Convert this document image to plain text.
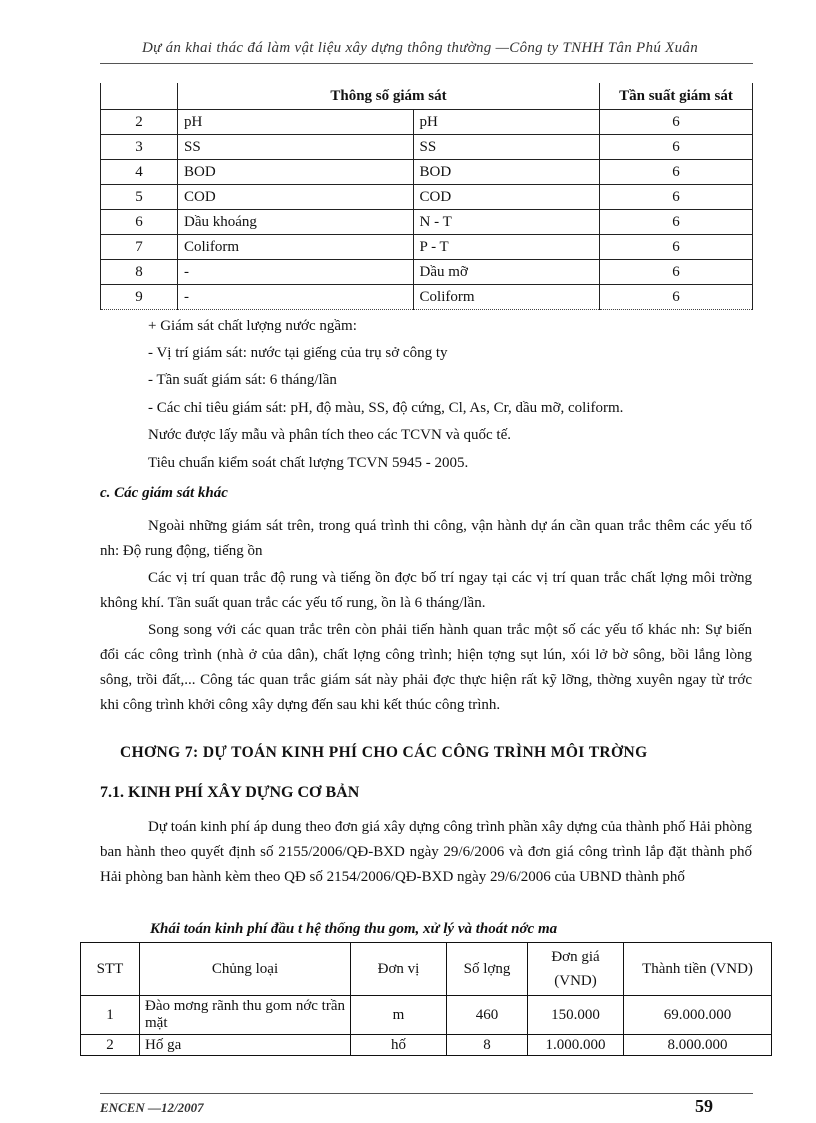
Dự án khai thác đá làm vật liệu xây dựng thông thường —Công ty TNHH Tân Phú Xuân
	Thông số giám sát		Tần suất giám sát
2	pH	pH	6
3	SS	SS	6
4	BOD	BOD	6
5	COD	COD	6
6	Dầu khoáng	N - T	6
7	Coliform	P - T	6
8	-	Dầu mỡ	6
9	-	Coliform	6
+ Giám sát chất lượng nước ngầm:
- Vị trí giám sát: nước tại giếng của trụ sở công ty
- Tần suất giám sát: 6 tháng/lần
- Các chỉ tiêu giám sát: pH, độ màu, SS, độ cứng, Cl, As, Cr, dầu mỡ, coliform.
Nước được lấy mẫu và phân tích theo các TCVN và quốc tế.
Tiêu chuẩn kiểm soát chất lượng TCVN 5945 - 2005.
c. Các giám sát khác
Ngoài những giám sát trên, trong quá trình thi công, vận hành dự án cần quan trắc thêm các yếu tố nh: Độ rung động, tiếng ồn
Các vị trí quan trắc độ rung và tiếng ồn đợc bố trí ngay tại các vị trí quan trắc chất lợng môi trờng không khí. Tần suất quan trắc các yếu tố rung, ồn là 6 tháng/lần.
Song song với các quan trắc trên còn phải tiến hành quan trắc một số các yếu tố khác nh: Sự biến đổi các công trình (nhà ở của dân), chất lợng công trình; hiện tợng sụt lún, xói lở bờ sông, bồi lắng lòng sông, trồi đất,... Công tác quan trắc giám sát này phải đợc thực hiện rất kỹ lỡng, thờng xuyên ngay từ trớc khi công trình khởi công xây dựng đến sau khi kết thúc công trình.
CHƠNG 7: DỰ TOÁN KINH PHÍ CHO CÁC CÔNG TRÌNH MÔI TRỜNG
7.1. KINH PHÍ XÂY DỰNG CƠ BẢN
Dự toán kinh phí áp dung theo đơn giá xây dựng công trình phần xây dựng của thành phố Hải phòng ban hành theo quyết định số 2155/2006/QĐ-BXD ngày 29/6/2006 và đơn giá công trình lắp đặt thành phố Hải phòng ban hành kèm theo QĐ số 2154/2006/QĐ-BXD ngày 29/6/2006 của UBND thành phố
Khái toán kinh phí đầu t hệ thống thu gom, xử lý và thoát nớc ma
STT	Chủng loại	Đơn vị	Số lợng	Đơn giá (VND)	Thành tiền (VND)
1	Đào mơng rãnh thu gom nớc trần mặt	m	460	150.000	69.000.000
2	Hố ga	hố	8	1.000.000	8.000.000
ENCEN —12/2007	59
